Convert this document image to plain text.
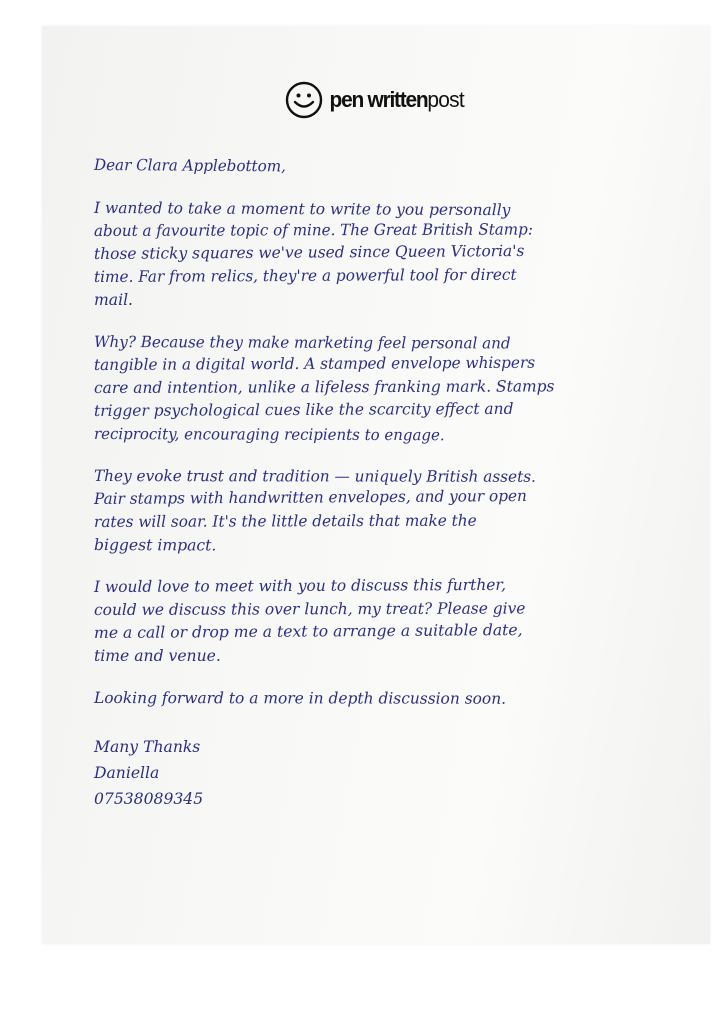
pen writtenpost
Dear Clara Applebottom,
I wanted to take a moment to write to you personally
about a favourite topic of mine. The Great British Stamp:
those sticky squares we've used since Queen Victoria's
time. Far from relics, they're a powerful tool for direct
mail.
Why? Because they make marketing feel personal and
tangible in a digital world. A stamped envelope whispers
care and intention, unlike a lifeless franking mark. Stamps
trigger psychological cues like the scarcity effect and
reciprocity, encouraging recipients to engage.
They evoke trust and tradition — uniquely British assets.
Pair stamps with handwritten envelopes, and your open
rates will soar. It's the little details that make the
biggest impact.
I would love to meet with you to discuss this further,
could we discuss this over lunch, my treat? Please give
me a call or drop me a text to arrange a suitable date,
time and venue.
Looking forward to a more in depth discussion soon.
Many Thanks
Daniella
07538089345
